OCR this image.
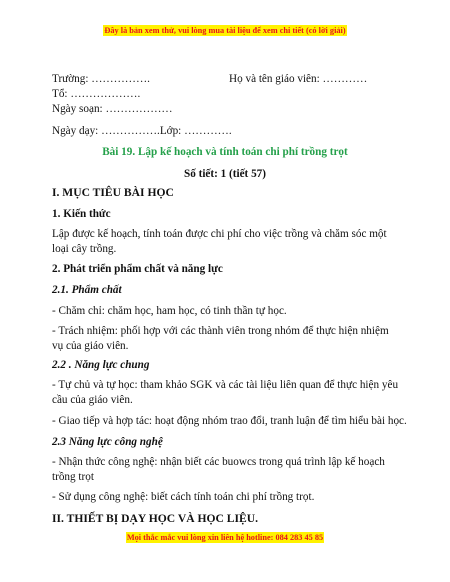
Đây là bản xem thử, vui lòng mua tài liệu để xem chi tiết (có lời giải)
Trường: …………….	Họ và tên giáo viên: …………
Tổ: ……………….
Ngày soạn: ………………
Ngày dạy: …………….Lớp: ………….
Bài 19. Lập kế hoạch và tính toán chi phí trồng trọt
Số tiết: 1 (tiết 57)
I. MỤC TIÊU BÀI HỌC
1. Kiến thức
Lập được kế hoạch, tính toán được chi phí cho việc trồng và chăm sóc một loại cây trồng.
2. Phát triển phẩm chất và năng lực
2.1. Phẩm chất
- Chăm chỉ: chăm học, ham học, có tinh thần tự học.
- Trách nhiệm: phối hợp với các thành viên trong nhóm để thực hiện nhiệm vụ của giáo viên.
2.2 . Năng lực chung
- Tự chủ và tự học: tham khảo SGK và các tài liệu liên quan để thực hiện yêu cầu của giáo viên.
- Giao tiếp và hợp tác: hoạt động nhóm trao đổi, tranh luận để tìm hiểu bài học.
2.3 Năng lực công nghệ
- Nhận thức công nghệ: nhận biết các buowcs trong quá trình lập kế hoạch trồng trọt
- Sử dụng công nghệ: biết cách tính toán chi phí trồng trọt.
II. THIẾT BỊ DẠY HỌC VÀ HỌC LIỆU.
Mọi thắc mắc vui lòng xin liên hệ hotline: 084 283 45 85
